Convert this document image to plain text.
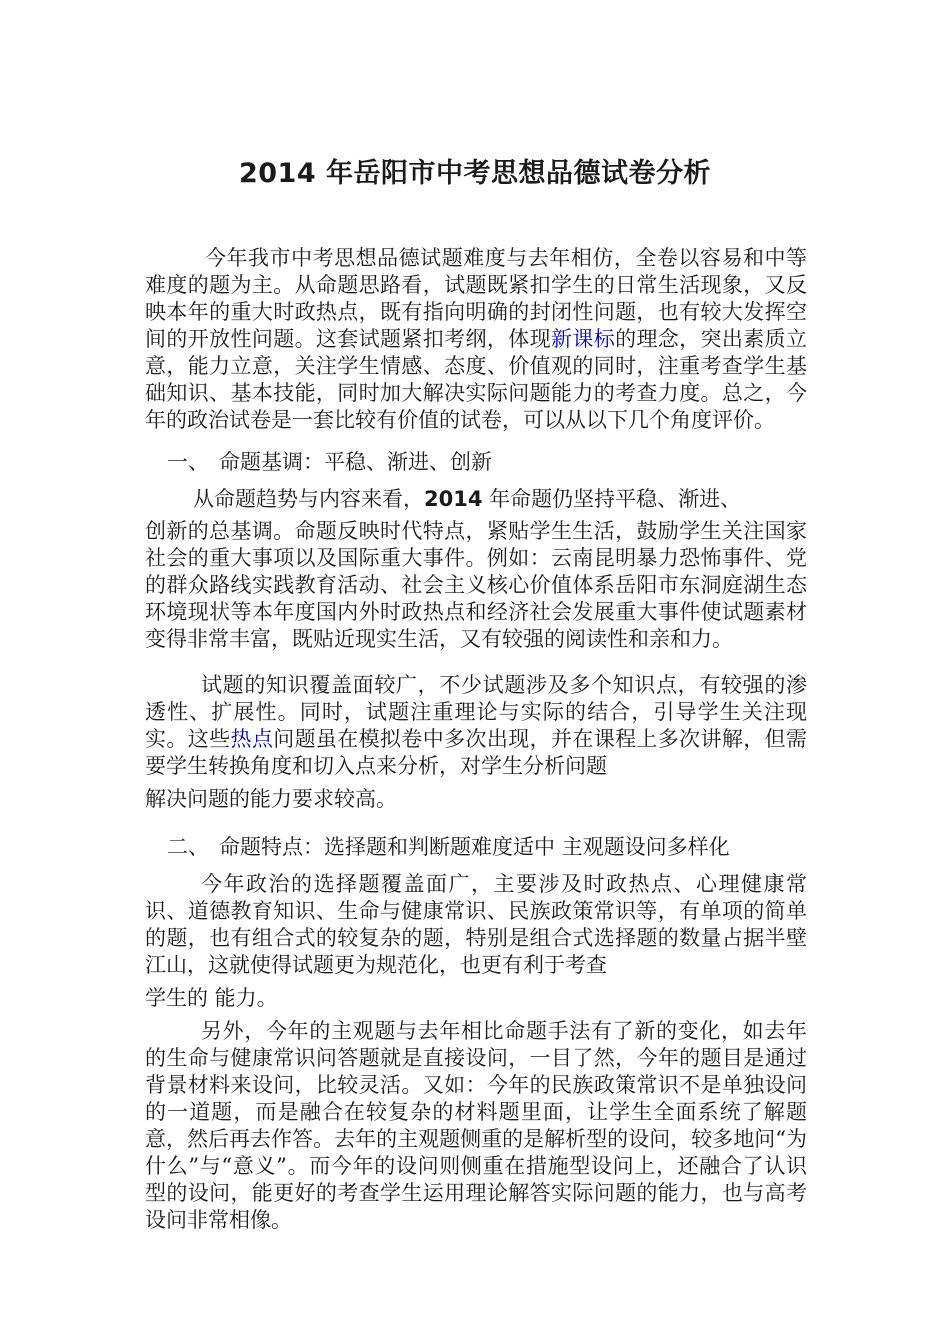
2014 年岳阳市中考思想品德试卷分析

今年我市中考思想品德试题难度与去年相仿，全卷以容易和中等难度的题为主。从命题思路看，试题既紧扣学生的日常生活现象，又反映本年的重大时政热点，既有指向明确的封闭性问题，也有较大发挥空间的开放性问题。这套试题紧扣考纲，体现新课标的理念，突出素质立意，能力立意，关注学生情感、态度、价值观的同时，注重考查学生基础知识、基本技能，同时加大解决实际问题能力的考查力度。总之，今年的政治试卷是一套比较有价值的试卷，可以从以下几个角度评价。

一、 命题基调：平稳、渐进、创新

从命题趋势与内容来看，2014 年命题仍坚持平稳、渐进、

创新的总基调。命题反映时代特点，紧贴学生生活，鼓励学生关注国家社会的重大事项以及国际重大事件。例如：云南昆明暴力恐怖事件、党的群众路线实践教育活动、社会主义核心价值体系岳阳市东洞庭湖生态环境现状等本年度国内外时政热点和经济社会发展重大事件使试题素材变得非常丰富，既贴近现实生活，又有较强的阅读性和亲和力。

试题的知识覆盖面较广，不少试题涉及多个知识点，有较强的渗透性、扩展性。同时，试题注重理论与实际的结合，引导学生关注现实。这些热点问题虽在模拟卷中多次出现，并在课程上多次讲解，但需要学生转换角度和切入点来分析，对学生分析问题

解决问题的能力要求较高。

二、 命题特点：选择题和判断题难度适中 主观题设问多样化

今年政治的选择题覆盖面广，主要涉及时政热点、心理健康常识、道德教育知识、生命与健康常识、民族政策常识等，有单项的简单的题，也有组合式的较复杂的题，特别是组合式选择题的数量占据半壁江山，这就使得试题更为规范化，也更有利于考查

学生的 能力。

另外，今年的主观题与去年相比命题手法有了新的变化，如去年的生命与健康常识问答题就是直接设问，一目了然，今年的题目是通过背景材料来设问，比较灵活。又如：今年的民族政策常识不是单独设问的一道题，而是融合在较复杂的材料题里面，让学生全面系统了解题意，然后再去作答。去年的主观题侧重的是解析型的设问，较多地问“为什么”与“意义”。而今年的设问则侧重在措施型设问上，还融合了认识型的设问，能更好的考查学生运用理论解答实际问题的能力，也与高考设问非常相像。
